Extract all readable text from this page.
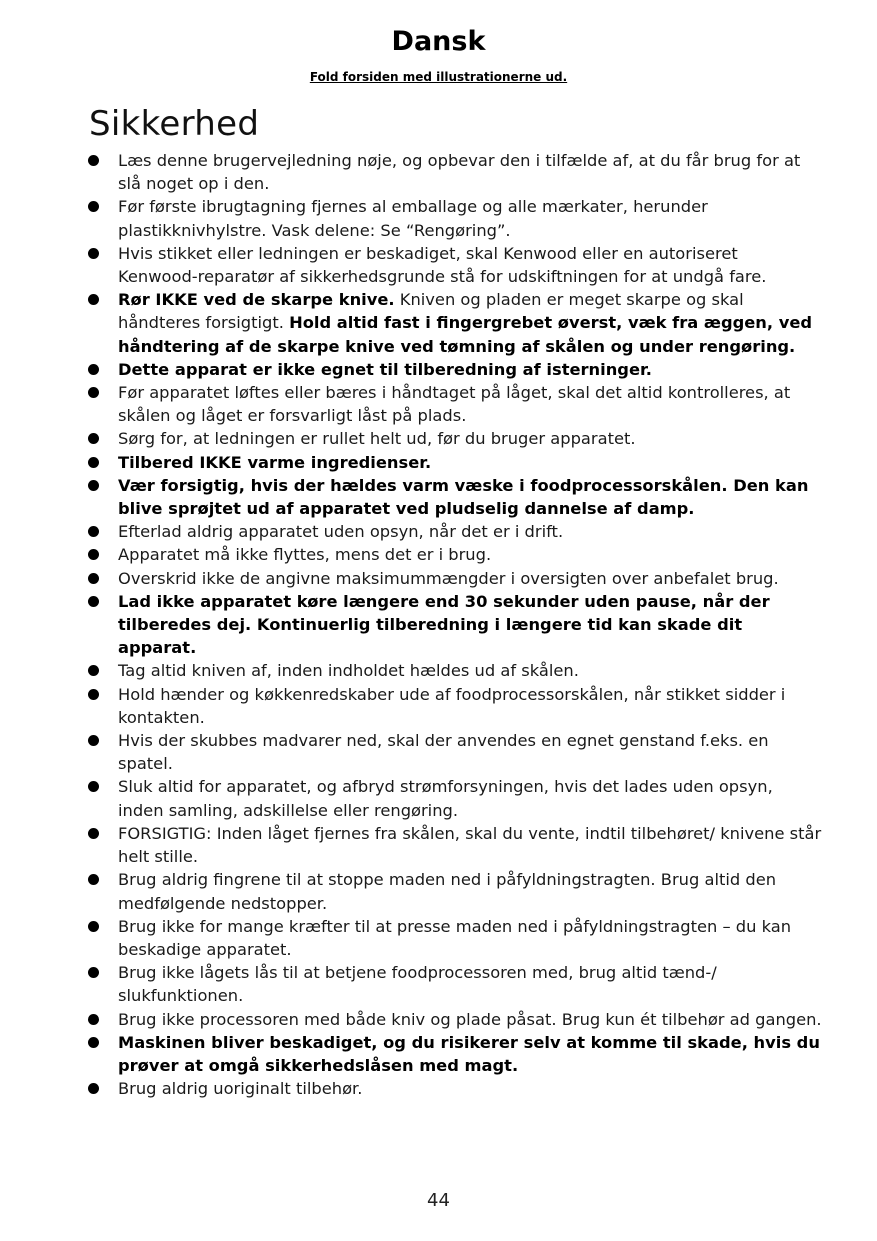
Dansk
Fold forsiden med illustrationerne ud.
Sikkerhed
Læs denne brugervejledning nøje, og opbevar den i tilfælde af, at du får brug for at slå noget op i den.
Før første ibrugtagning fjernes al emballage og alle mærkater, herunder plastikknivhylstre. Vask delene: Se “Rengøring”.
Hvis stikket eller ledningen er beskadiget, skal Kenwood eller en autoriseret Kenwood-reparatør af sikkerhedsgrunde stå for udskiftningen for at undgå fare.
Rør IKKE ved de skarpe knive. Kniven og pladen er meget skarpe og skal håndteres forsigtigt. Hold altid fast i fingergrebet øverst, væk fra æggen, ved håndtering af de skarpe knive ved tømning af skålen og under rengøring.
Dette apparat er ikke egnet til tilberedning af isterninger.
Før apparatet løftes eller bæres i håndtaget på låget, skal det altid kontrolleres, at skålen og låget er forsvarligt låst på plads.
Sørg for, at ledningen er rullet helt ud, før du bruger apparatet.
Tilbered IKKE varme ingredienser.
Vær forsigtig, hvis der hældes varm væske i foodprocessorskålen. Den kan blive sprøjtet ud af apparatet ved pludselig dannelse af damp.
Efterlad aldrig apparatet uden opsyn, når det er i drift.
Apparatet må ikke flyttes, mens det er i brug.
Overskrid ikke de angivne maksimummængder i oversigten over anbefalet brug.
Lad ikke apparatet køre længere end 30 sekunder uden pause, når der tilberedes dej. Kontinuerlig tilberedning i længere tid kan skade dit apparat.
Tag altid kniven af, inden indholdet hældes ud af skålen.
Hold hænder og køkkenredskaber ude af foodprocessorskålen, når stikket sidder i kontakten.
Hvis der skubbes madvarer ned, skal der anvendes en egnet genstand f.eks. en spatel.
Sluk altid for apparatet, og afbryd strømforsyningen, hvis det lades uden opsyn, inden samling, adskillelse eller rengøring.
FORSIGTIG: Inden låget fjernes fra skålen, skal du vente, indtil tilbehøret/ knivene står helt stille.
Brug aldrig fingrene til at stoppe maden ned i påfyldningstragten. Brug altid den medfølgende nedstopper.
Brug ikke for mange kræfter til at presse maden ned i påfyldningstragten – du kan beskadige apparatet.
Brug ikke lågets lås til at betjene foodprocessoren med, brug altid tænd-/ slukfunktionen.
Brug ikke processoren med både kniv og plade påsat. Brug kun ét tilbehør ad gangen.
Maskinen bliver beskadiget, og du risikerer selv at komme til skade, hvis du prøver at omgå sikkerhedslåsen med magt.
Brug aldrig uoriginalt tilbehør.
44
